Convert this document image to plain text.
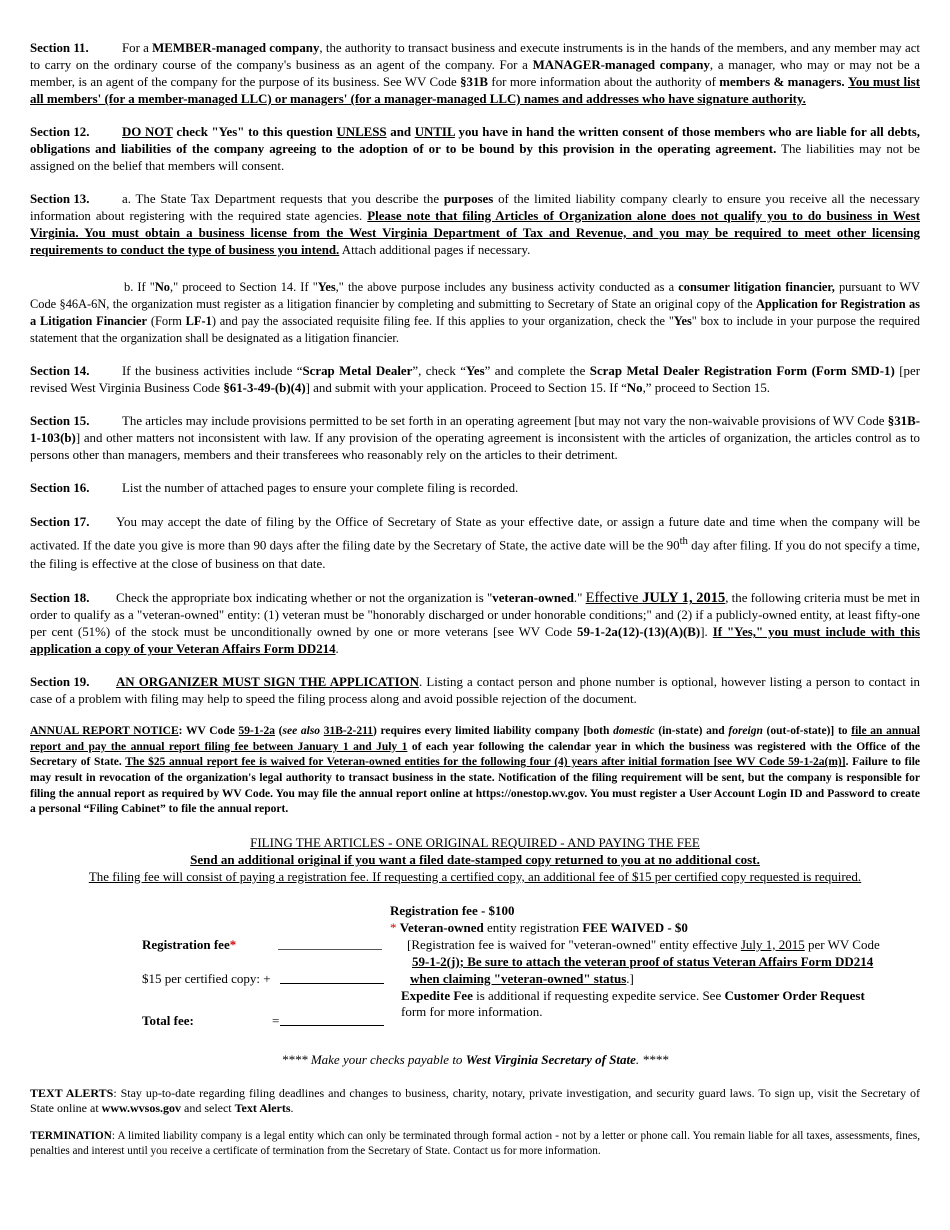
Section 11.	For a MEMBER-managed company, the authority to transact business and execute instruments is in the hands of the members, and any member may act to carry on the ordinary course of the company's business as an agent of the company. For a MANAGER-managed company, a manager, who may or may not be a member, is an agent of the company for the purpose of its business. See WV Code §31B for more information about the authority of members & managers. You must list all members' (for a member-managed LLC) or managers' (for a manager-managed LLC) names and addresses who have signature authority.

Section 12.	DO NOT check "Yes" to this question UNLESS and UNTIL you have in hand the written consent of those members who are liable for all debts, obligations and liabilities of the company agreeing to the adoption of or to be bound by this provision in the operating agreement. The liabilities may not be assigned on the belief that members will consent.

Section 13.	a. The State Tax Department requests that you describe the purposes of the limited liability company clearly to ensure you receive all the necessary information about registering with the required state agencies. Please note that filing Articles of Organization alone does not qualify you to do business in West Virginia. You must obtain a business license from the West Virginia Department of Tax and Revenue, and you may be required to meet other licensing requirements to conduct the type of business you intend. Attach additional pages if necessary.

b. If "No," proceed to Section 14. If "Yes," the above purpose includes any business activity conducted as a consumer litigation financier, pursuant to WV Code §46A-6N, the organization must register as a litigation financier by completing and submitting to Secretary of State an original copy of the Application for Registration as a Litigation Financier (Form LF-1) and pay the associated requisite filing fee. If this applies to your organization, check the "Yes" box to include in your purpose the required statement that the organization shall be designated as a litigation financier.

Section 14.	If the business activities include “Scrap Metal Dealer”, check “Yes” and complete the Scrap Metal Dealer Registration Form (Form SMD-1) [per revised West Virginia Business Code §61-3-49-(b)(4)] and submit with your application. Proceed to Section 15. If “No,” proceed to Section 15.

Section 15.	The articles may include provisions permitted to be set forth in an operating agreement [but may not vary the non-waivable provisions of WV Code §31B-1-103(b)] and other matters not inconsistent with law. If any provision of the operating agreement is inconsistent with the articles of organization, the articles control as to persons other than managers, members and their transferees who reasonably rely on the articles to their detriment.

Section 16.	List the number of attached pages to ensure your complete filing is recorded.

Section 17. You may accept the date of filing by the Office of Secretary of State as your effective date, or assign a future date and time when the company will be activated. If the date you give is more than 90 days after the filing date by the Secretary of State, the active date will be the 90th day after filing. If you do not specify a time, the filing is effective at the close of business on that date.

Section 18. Check the appropriate box indicating whether or not the organization is "veteran-owned." Effective JULY 1, 2015, the following criteria must be met in order to qualify as a "veteran-owned" entity: (1) veteran must be "honorably discharged or under honorable conditions;" and (2) if a publicly-owned entity, at least fifty-one per cent (51%) of the stock must be unconditionally owned by one or more veterans [see WV Code 59-1-2a(12)-(13)(A)(B)]. If "Yes," you must include with this application a copy of your Veteran Affairs Form DD214.

Section 19. AN ORGANIZER MUST SIGN THE APPLICATION. Listing a contact person and phone number is optional, however listing a person to contact in case of a problem with filing may help to speed the filing process along and avoid possible rejection of the document.

ANNUAL REPORT NOTICE: WV Code 59-1-2a (see also 31B-2-211) requires every limited liability company [both domestic (in-state) and foreign (out-of-state)] to file an annual report and pay the annual report filing fee between January 1 and July 1 of each year following the calendar year in which the business was registered with the Office of the Secretary of State. The $25 annual report fee is waived for Veteran-owned entities for the following four (4) years after initial formation [see WV Code 59-1-2a(m)]. Failure to file may result in revocation of the organization's legal authority to transact business in the state. Notification of the filing requirement will be sent, but the company is responsible for filing the annual report as required by WV Code. You may file the annual report online at https://onestop.wv.gov. You must register a User Account Login ID and Password to create a personal “Filing Cabinet” to file the annual report.

FILING THE ARTICLES - ONE ORIGINAL REQUIRED - AND PAYING THE FEE
Send an additional original if you want a filed date-stamped copy returned to you at no additional cost.
The filing fee will consist of paying a registration fee. If requesting a certified copy, an additional fee of $15 per certified copy requested is required.
Registration fee*
$15 per certified copy: +
Total fee:	=
Registration fee - $100
* Veteran-owned entity registration FEE WAIVED - $0
[Registration fee is waived for "veteran-owned" entity effective July 1, 2015 per WV Code
59-1-2(j); Be sure to attach the veteran proof of status Veteran Affairs Form DD214
when claiming "veteran-owned" status.]
Expedite Fee is additional if requesting expedite service. See Customer Order Request
form for more information.

**** Make your checks payable to West Virginia Secretary of State. ****

TEXT ALERTS: Stay up-to-date regarding filing deadlines and changes to business, charity, notary, private investigation, and security guard laws. To sign up, visit the Secretary of State online at www.wvsos.gov and select Text Alerts.

TERMINATION: A limited liability company is a legal entity which can only be terminated through formal action - not by a letter or phone call. You remain liable for all taxes, assessments, fines, penalties and interest until you receive a certificate of termination from the Secretary of State. Contact us for more information.
